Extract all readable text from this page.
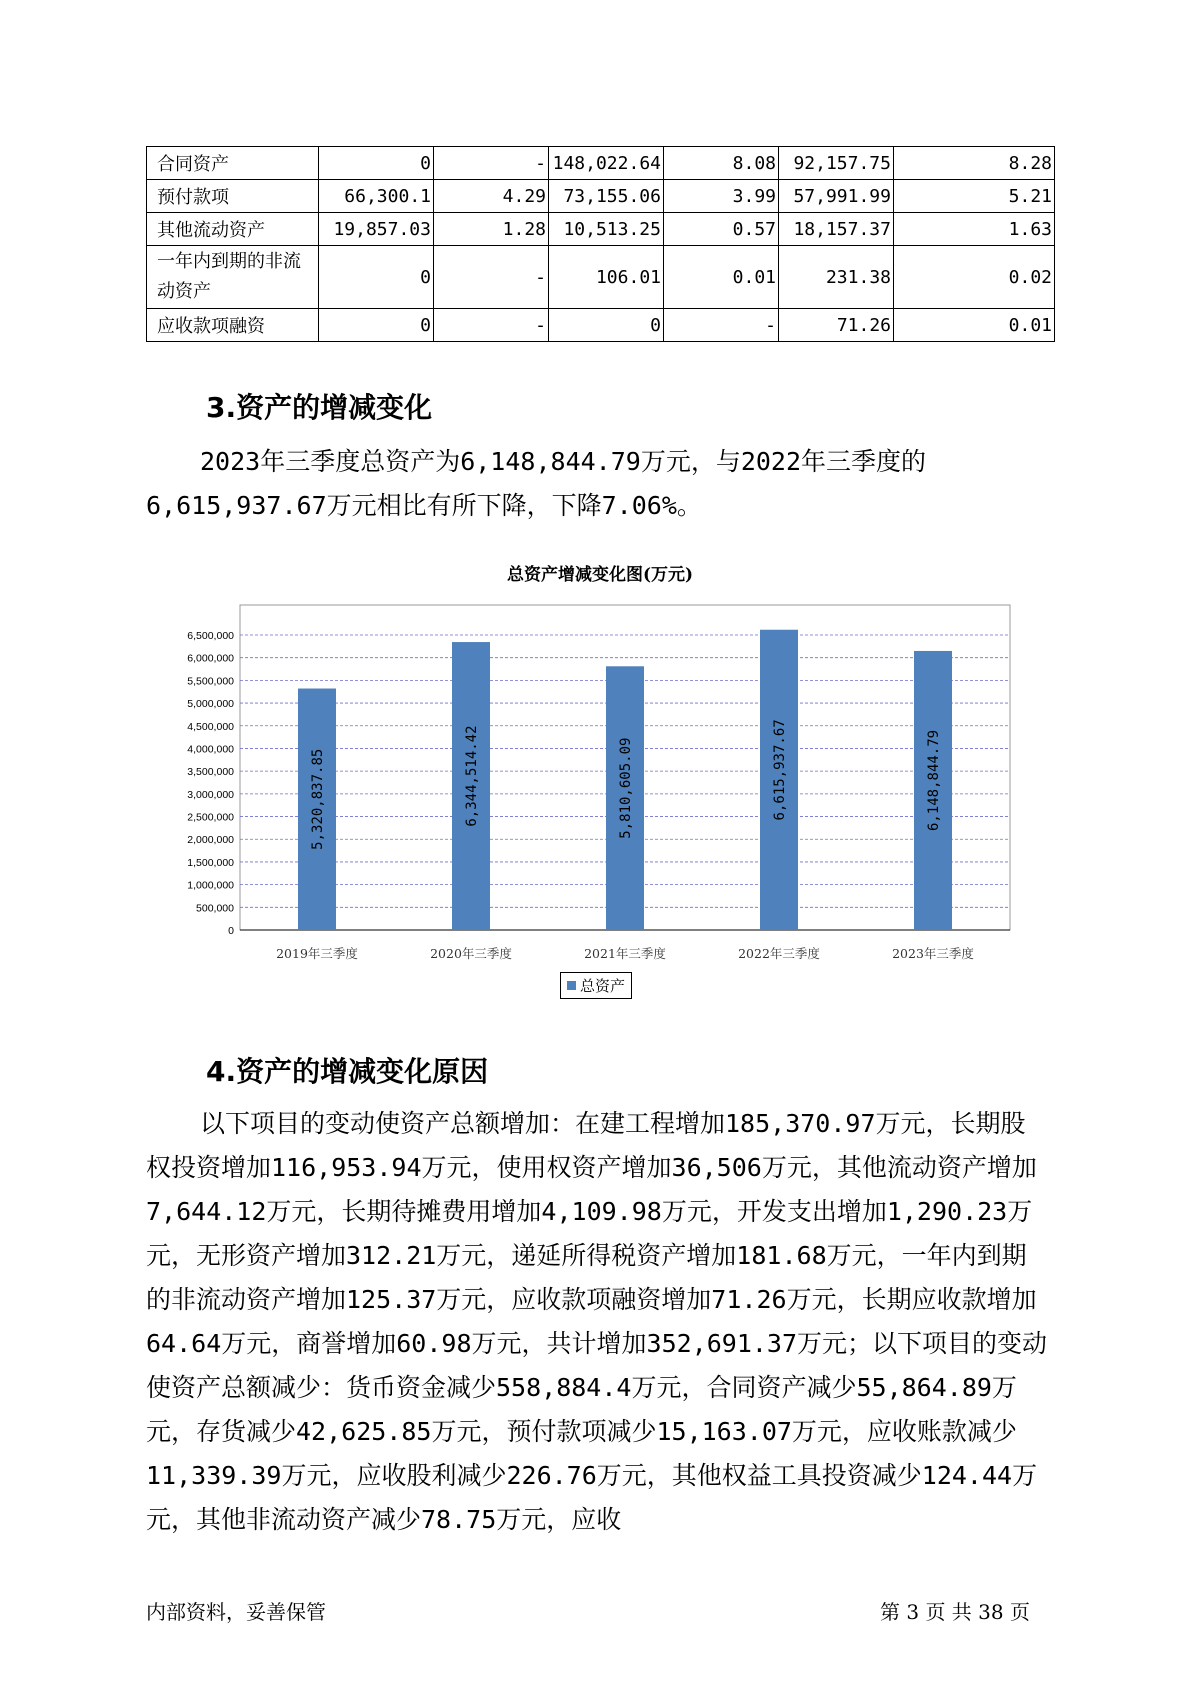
合同资产	0	-	148,022.64	8.08	92,157.75	8.28
预付款项	66,300.1	4.29	73,155.06	3.99	57,991.99	5.21
其他流动资产	19,857.03	1.28	10,513.25	0.57	18,157.37	1.63
一年内到期的非流动资产	0	-	106.01	0.01	231.38	0.02
应收款项融资	0	-	0	-	71.26	0.01
3.资产的增减变化

2023年三季度总资产为6,148,844.79万元，与2022年三季度的6,615,937.67万元相比有所下降，下降7.06%。

总资产增减变化图(万元)
0
500,000
1,000,000
1,500,000
2,000,000
2,500,000
3,000,000
3,500,000
4,000,000
4,500,000
5,000,000
5,500,000
6,000,000
6,500,000
5,320,837.85
2019年三季度
6,344,514.42
2020年三季度
5,810,605.09
2021年三季度
6,615,937.67
2022年三季度
6,148,844.79
2023年三季度
总资产
4.资产的增减变化原因

以下项目的变动使资产总额增加：在建工程增加185,370.97万元，长期股权投资增加116,953.94万元，使用权资产增加36,506万元，其他流动资产增加7,644.12万元，长期待摊费用增加4,109.98万元，开发支出增加1,290.23万元，无形资产增加312.21万元，递延所得税资产增加181.68万元，一年内到期的非流动资产增加125.37万元，应收款项融资增加71.26万元，长期应收款增加64.64万元，商誉增加60.98万元，共计增加352,691.37万元；以下项目的变动使资产总额减少：货币资金减少558,884.4万元，合同资产减少55,864.89万元，存货减少42,625.85万元，预付款项减少15,163.07万元，应收账款减少11,339.39万元，应收股利减少226.76万元，其他权益工具投资减少124.44万元，其他非流动资产减少78.75万元，应收

内部资料，妥善保管	第 3 页 共 38 页
